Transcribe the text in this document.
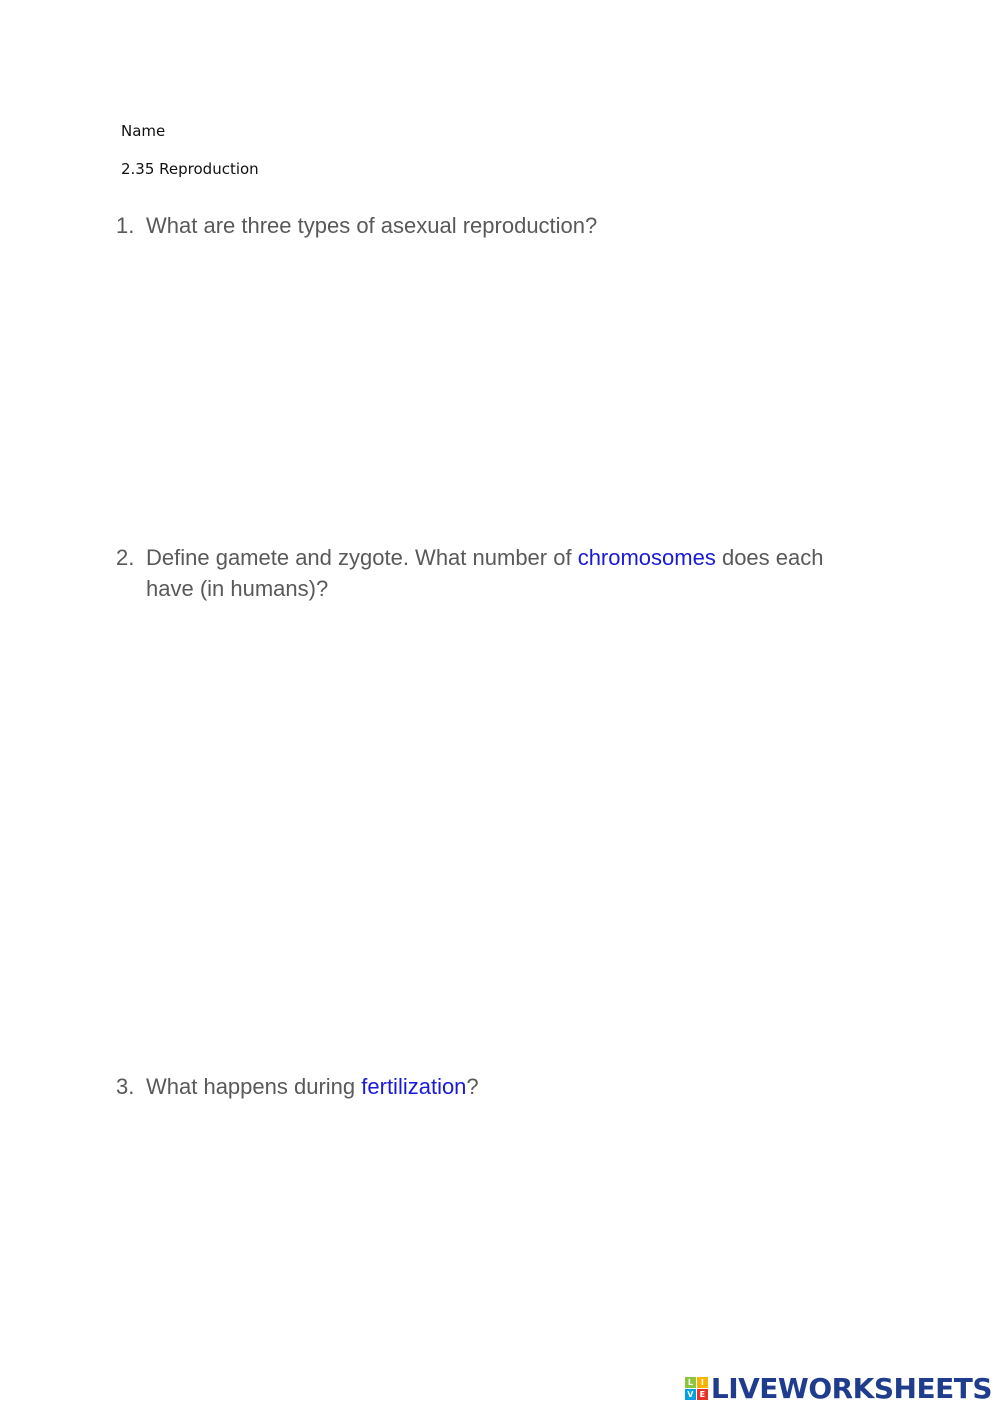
Name
2.35 Reproduction
1. What are three types of asexual reproduction?
2. Define gamete and zygote. What number of chromosomes does each have (in humans)?
3. What happens during fertilization?
L I
V E LIVEWORKSHEETS
